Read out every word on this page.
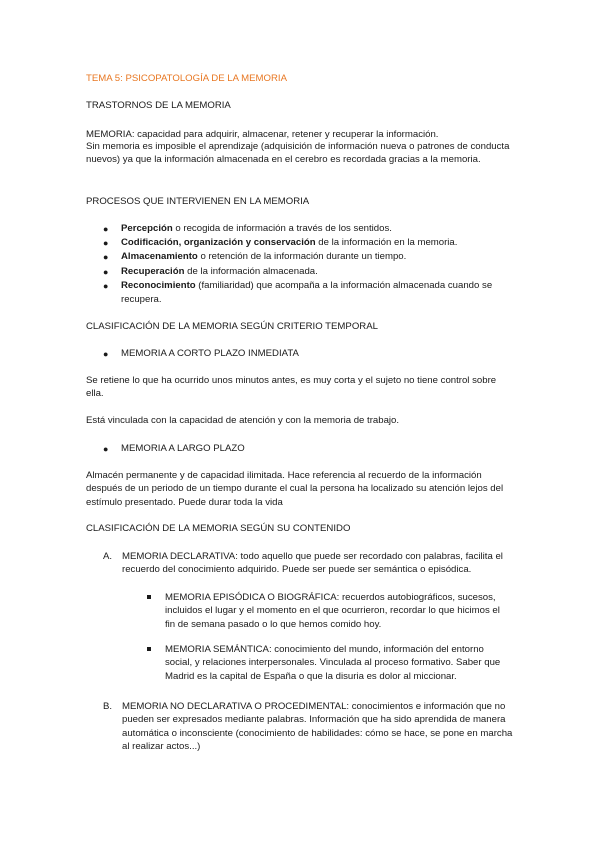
TEMA 5: PSICOPATOLOGÍA DE LA MEMORIA
TRASTORNOS DE LA MEMORIA
MEMORIA: capacidad para adquirir, almacenar, retener y recuperar la información.
Sin memoria es imposible el aprendizaje (adquisición de información nueva o patrones de conducta nuevos) ya que la información almacenada en el cerebro es recordada gracias a la memoria.
PROCESOS QUE INTERVIENEN EN LA MEMORIA
● Percepción o recogida de información a través de los sentidos.
● Codificación, organización y conservación de la información en la memoria.
● Almacenamiento o retención de la información durante un tiempo.
● Recuperación de la información almacenada.
● Reconocimiento (familiaridad) que acompaña a la información almacenada cuando se recupera.
CLASIFICACIÓN DE LA MEMORIA SEGÚN CRITERIO TEMPORAL
● MEMORIA A CORTO PLAZO INMEDIATA
Se retiene lo que ha ocurrido unos minutos antes, es muy corta y el sujeto no tiene control sobre ella.
Está vinculada con la capacidad de atención y con la memoria de trabajo.
● MEMORIA A LARGO PLAZO
Almacén permanente y de capacidad ilimitada. Hace referencia al recuerdo de la información después de un periodo de un tiempo durante el cual la persona ha localizado su atención lejos del estímulo presentado. Puede durar toda la vida
CLASIFICACIÓN DE LA MEMORIA SEGÚN SU CONTENIDO
A. MEMORIA DECLARATIVA: todo aquello que puede ser recordado con palabras, facilita el recuerdo del conocimiento adquirido. Puede ser puede ser semántica o episódica.
MEMORIA EPISÓDICA O BIOGRÁFICA: recuerdos autobiográficos, sucesos, incluidos el lugar y el momento en el que ocurrieron, recordar lo que hicimos el fin de semana pasado o lo que hemos comido hoy.
MEMORIA SEMÁNTICA: conocimiento del mundo, información del entorno social, y relaciones interpersonales. Vinculada al proceso formativo. Saber que Madrid es la capital de España o que la disuria es dolor al miccionar.
B. MEMORIA NO DECLARATIVA O PROCEDIMENTAL: conocimientos e información que no pueden ser expresados mediante palabras. Información que ha sido aprendida de manera automática o inconsciente (conocimiento de habilidades: cómo se hace, se pone en marcha al realizar actos...)
